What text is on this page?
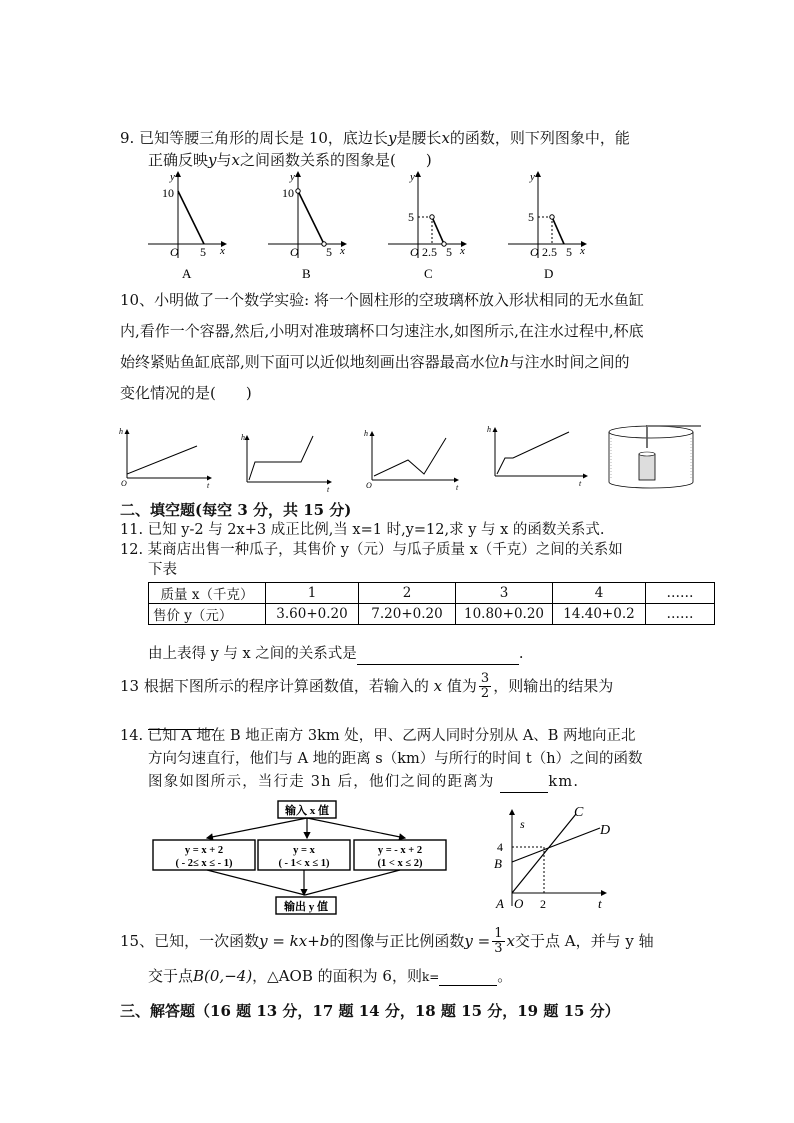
9. 已知等腰三角形的周长是 10，底边长y是腰长x的函数，则下列图象中，能
正确反映y与x之间函数关系的图象是(　　)
y
10
O 5 x
A
y
10
O 5 x
B
y
5
O 2.5 5 x
C
y
5
O 2.5 5 x
D
10、小明做了一个数学实验: 将一个圆柱形的空玻璃杯放入形状相同的无水鱼缸
内,看作一个容器,然后,小明对准玻璃杯口匀速注水,如图所示,在注水过程中,杯底
始终紧贴鱼缸底部,则下面可以近似地刻画出容器最高水位h与注水时间之间的
变化情况的是(　　)
h
O	t
h
t
h
O	t
h
t
二、填空题(每空 3 分，共 15 分)
11. 已知 y-2 与 2x+3 成正比例,当 x=1 时,y=12,求 y 与 x 的函数关系式.
12. 某商店出售一种瓜子，其售价 y（元）与瓜子质量 x（千克）之间的关系如
下表
质量 x（千克）	1	2	3	4	……
售价 y（元）	3.60+0.20	7.20+0.20	10.80+0.20	14.40+0.2	……
由上表得 y 与 x 之间的关系式是	.
13 根据下图所示的程序计算函数值，若输入的 x 值为 $\frac{3}{2}$ ，则输出的结果为
14. 已知 A 地在 B 地正南方 3km 处，甲、乙两人同时分别从 A、B 两地向正北
方向匀速直行，他们与 A 地的距离 s（km）与所行的时间 t（h）之间的函数
图象如图所示，当行走 3h 后，他们之间的距离为	km.
输入 x 值
y = x + 2
( - 2≤ x ≤ - 1)
y = x
( - 1< x ≤ 1)
y = - x + 2
(1 < x ≤ 2)
输出 y 值
s
C
D
4
B
A O 2	t
15、已知，一次函数y = kx+b的图像与正比例函数$y = \frac{1}{3}$ x交于点 A，并与 y 轴
交于点B(0,−4)，△AOB 的面积为 6，则k=	。
三、解答题（16 题 13 分，17 题 14 分，18 题 15 分，19 题 15 分）
